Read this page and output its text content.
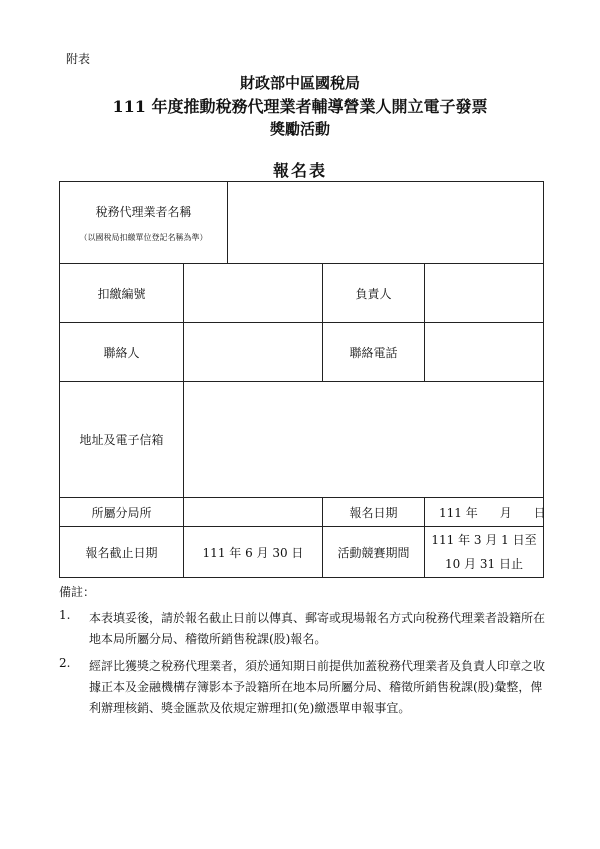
附表
財政部中區國稅局
111 年度推動稅務代理業者輔導營業人開立電子發票
獎勵活動
報名表
稅務代理業者名稱
（以國稅局扣繳單位登記名稱為準）				

扣繳編號			負責人	
聯絡人			聯絡電話	
地址及電子信箱				
所屬分局所			報名日期	111 年 月 日
報名截止日期	111 年 6 月 30 日		活動競賽期間	111 年 3 月 1 日至
10 月 31 日止
備註：
1.	本表填妥後，請於報名截止日前以傳真、郵寄或現場報名方式向稅務代理業者設籍所在地本局所屬分局、稽徵所銷售稅課(股)報名。
2.	經評比獲獎之稅務代理業者，須於通知期日前提供加蓋稅務代理業者及負責人印章之收據正本及金融機構存簿影本予設籍所在地本局所屬分局、稽徵所銷售稅課(股)彙整，俾利辦理核銷、獎金匯款及依規定辦理扣(免)繳憑單申報事宜。
